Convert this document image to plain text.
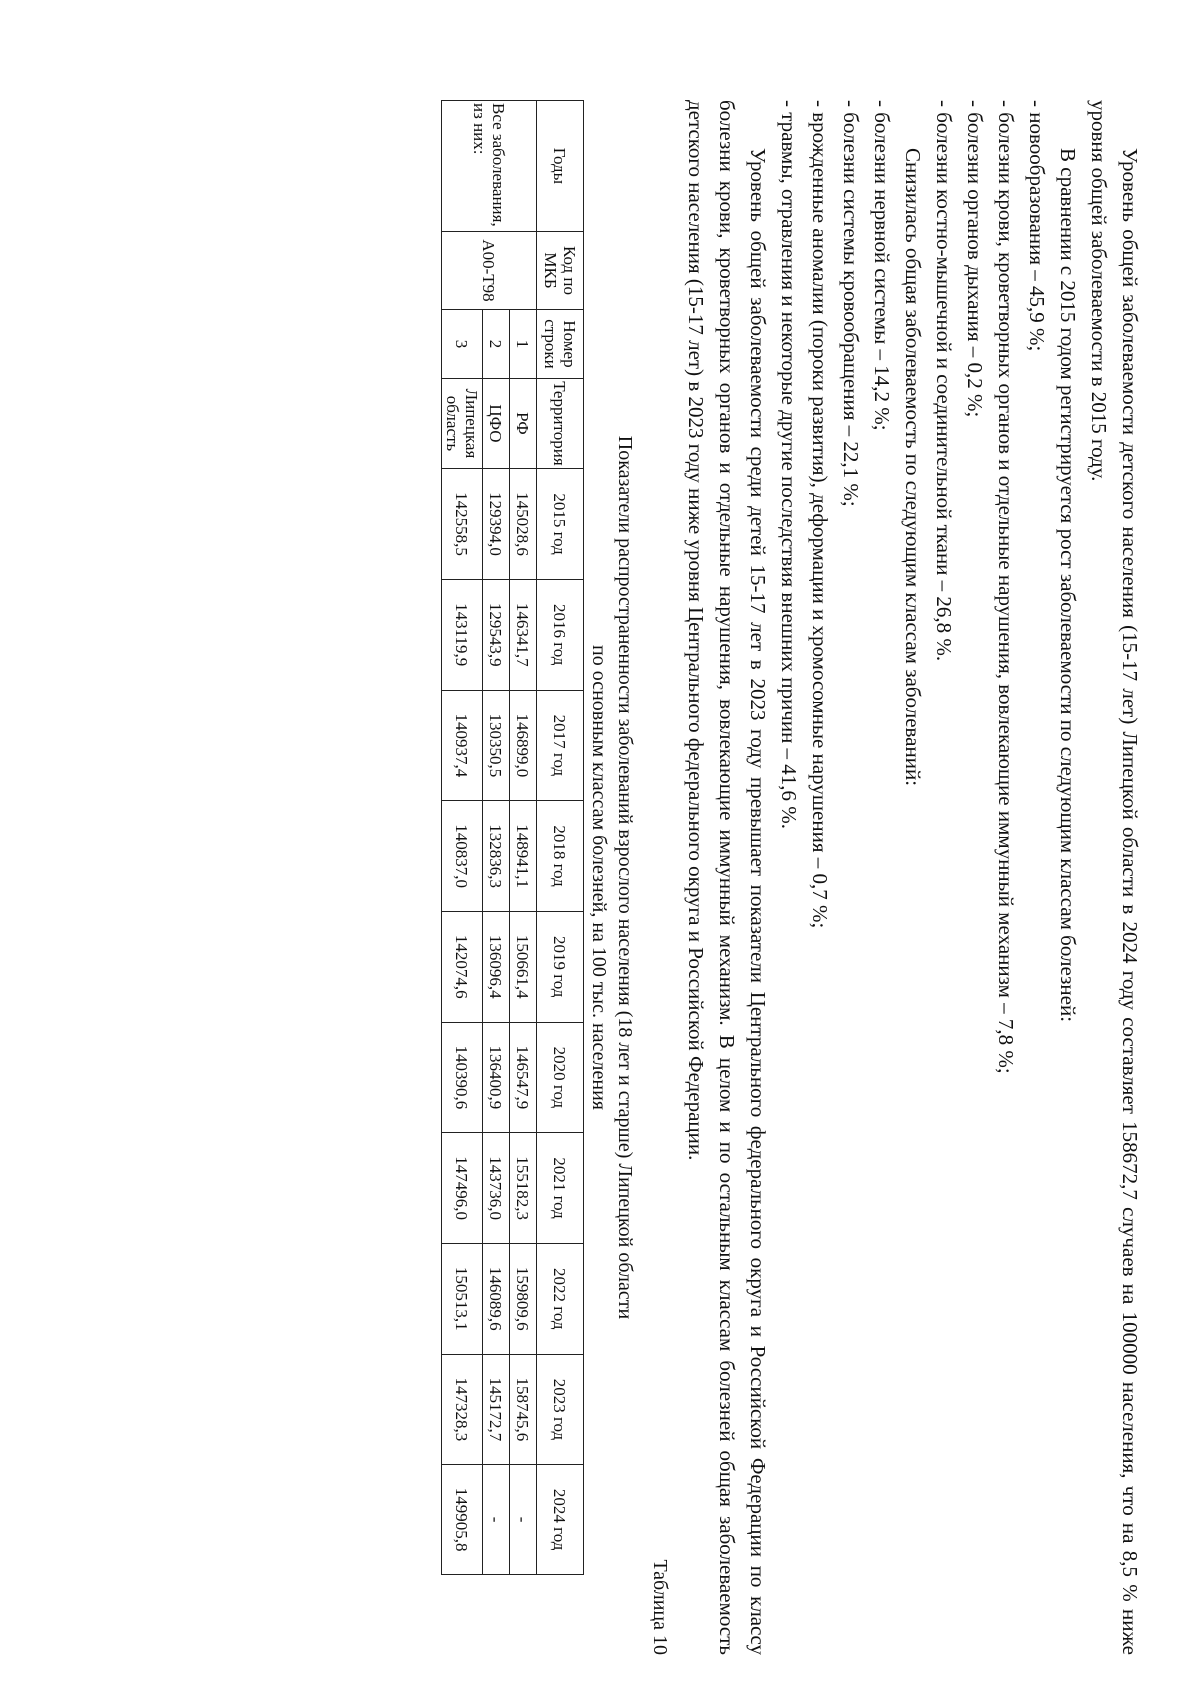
Уровень общей заболеваемости детского населения (15-17 лет) Липецкой области в 2024 году составляет 158672,7 случаев на 100000 населения, что на 8,5 % ниже уровня общей заболеваемости в 2015 году.

В сравнении с 2015 годом регистрируется рост заболеваемости по следующим классам болезней:

- новообразования – 45,9 %;

- болезни крови, кроветворных органов и отдельные нарушения, вовлекающие иммунный механизм – 7,8 %;

- болезни органов дыхания – 0,2 %;

- болезни костно-мышечной и соединительной ткани – 26,8 %.

Снизилась общая заболеваемость по следующим классам заболеваний:

- болезни нервной системы – 14,2 %;

- болезни системы кровообращения – 22,1 %;

- врожденные аномалии (пороки развития), деформации и хромосомные нарушения – 0,7 %;

- травмы, отравления и некоторые другие последствия внешних причин – 41,6 %.

Уровень общей заболеваемости среди детей 15-17 лет в 2023 году превышает показатели Центрального федерального округа и Российской Федерации по классу болезни крови, кроветворных органов и отдельные нарушения, вовлекающие иммунный механизм. В целом и по остальным классам болезней общая заболеваемость детского населения (15-17 лет) в 2023 году ниже уровня Центрального федерального округа и Российской Федерации.

Таблица 10
Показатели распространенности заболеваний взрослого населения (18 лет и старше) Липецкой области
по основным классам болезней, на 100 тыс. населения
Годы	Код по МКБ	Номер строки	Территория	2015 год	2016 год	2017 год	2018 год	2019 год	2020 год	2021 год	2022 год	2023 год	2024 год
Все заболевания, из них:	А00-Т98	1	РФ	145028,6	146341,7	146899,0	148941,1	150661,4	146547,9	155182,3	159809,6	158745,6	-
		2	ЦФО	129394,0	129543,9	130350,5	132836,3	136096,4	136400,9	143736,0	146089,6	145172,7	-
		3	Липецкая область	142558,5	143119,9	140937,4	140837,0	142074,6	140390,6	147496,0	150513,1	147328,3	149905,8
